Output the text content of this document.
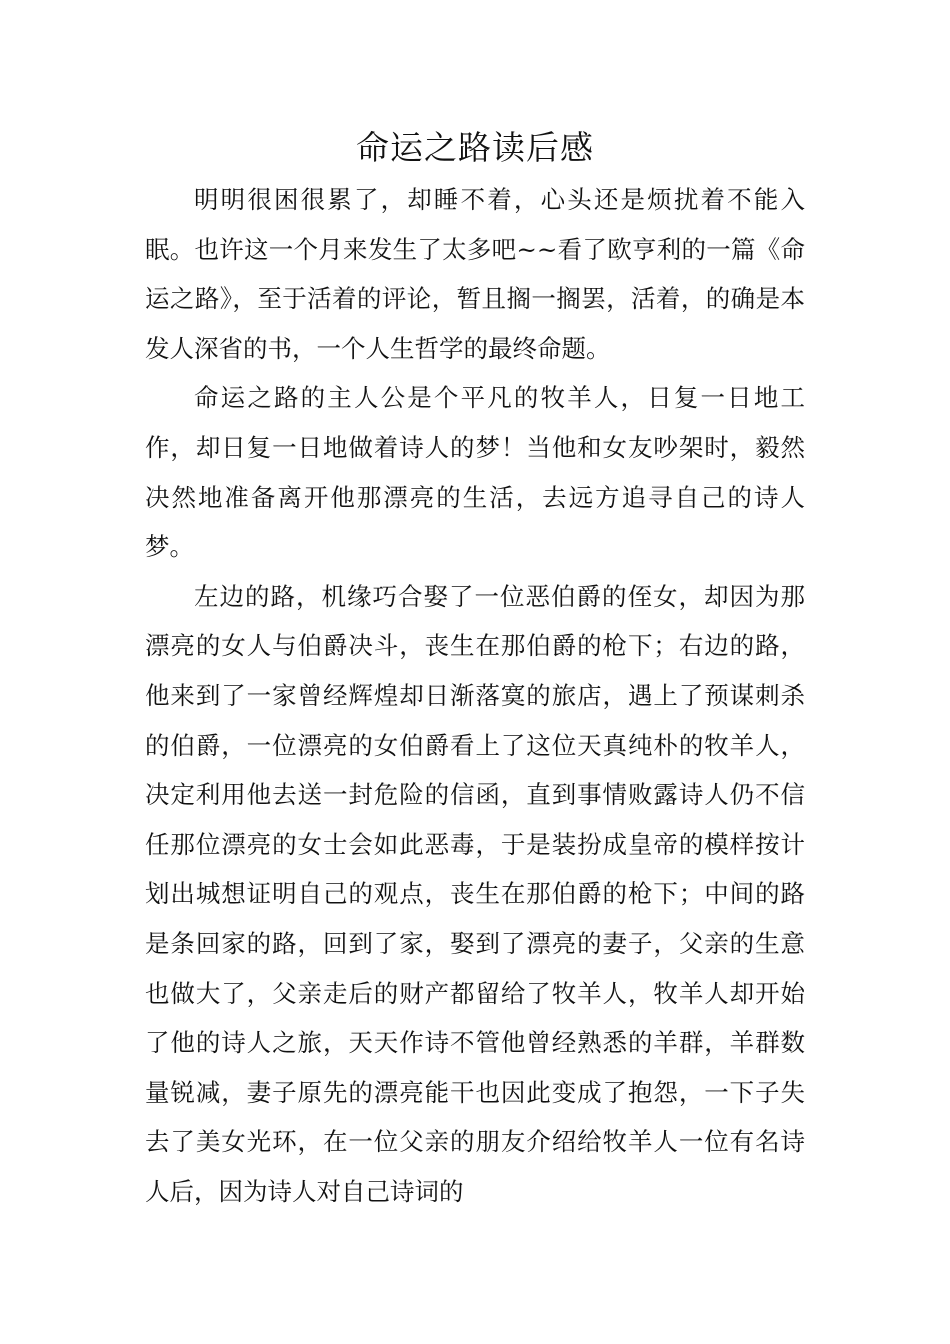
命运之路读后感

明明很困很累了，却睡不着，心头还是烦扰着不能入眠。也许这一个月来发生了太多吧~~看了欧亨利的一篇《命运之路》，至于活着的评论，暂且搁一搁罢，活着，的确是本发人深省的书，一个人生哲学的最终命题。

命运之路的主人公是个平凡的牧羊人，日复一日地工作，却日复一日地做着诗人的梦！当他和女友吵架时，毅然决然地准备离开他那漂亮的生活，去远方追寻自己的诗人梦。

左边的路，机缘巧合娶了一位恶伯爵的侄女，却因为那漂亮的女人与伯爵决斗，丧生在那伯爵的枪下；右边的路，他来到了一家曾经辉煌却日渐落寞的旅店，遇上了预谋刺杀的伯爵，一位漂亮的女伯爵看上了这位天真纯朴的牧羊人，决定利用他去送一封危险的信函，直到事情败露诗人仍不信任那位漂亮的女士会如此恶毒，于是装扮成皇帝的模样按计划出城想证明自己的观点，丧生在那伯爵的枪下；中间的路是条回家的路，回到了家，娶到了漂亮的妻子，父亲的生意也做大了，父亲走后的财产都留给了牧羊人，牧羊人却开始了他的诗人之旅，天天作诗不管他曾经熟悉的羊群，羊群数量锐减，妻子原先的漂亮能干也因此变成了抱怨，一下子失去了美女光环，在一位父亲的朋友介绍给牧羊人一位有名诗人后，因为诗人对自己诗词的
